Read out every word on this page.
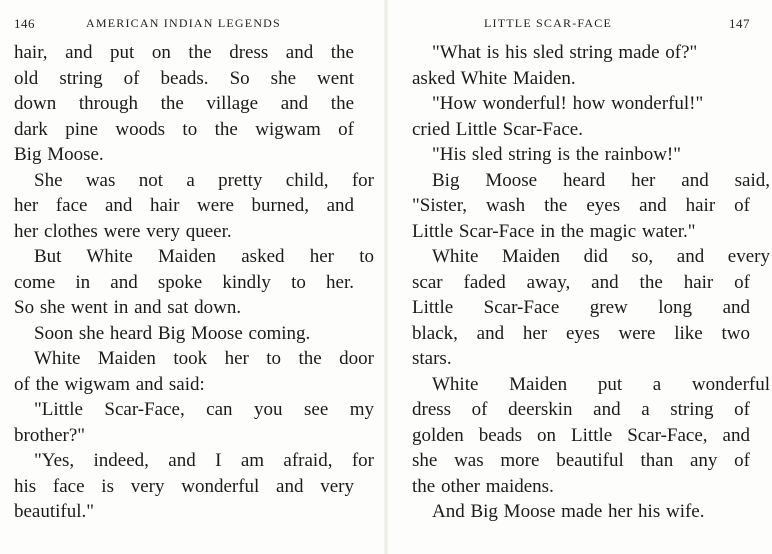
146	AMERICAN INDIAN LEGENDS
hair, and put on the dress and the
old string of beads. So she went
down through the village and the
dark pine woods to the wigwam of
Big Moose.
She was not a pretty child, for
her face and hair were burned, and
her clothes were very queer.
But White Maiden asked her to
come in and spoke kindly to her.
So she went in and sat down.
Soon she heard Big Moose coming.
White Maiden took her to the door
of the wigwam and said:
"Little Scar-Face, can you see my
brother?"
"Yes, indeed, and I am afraid, for
his face is very wonderful and very
beautiful."
LITTLE SCAR-FACE	147
"What is his sled string made of?"
asked White Maiden.
"How wonderful! how wonderful!"
cried Little Scar-Face.
"His sled string is the rainbow!"
Big Moose heard her and said,
"Sister, wash the eyes and hair of
Little Scar-Face in the magic water."
White Maiden did so, and every
scar faded away, and the hair of
Little Scar-Face grew long and
black, and her eyes were like two
stars.
White Maiden put a wonderful
dress of deerskin and a string of
golden beads on Little Scar-Face, and
she was more beautiful than any of
the other maidens.
And Big Moose made her his wife.
